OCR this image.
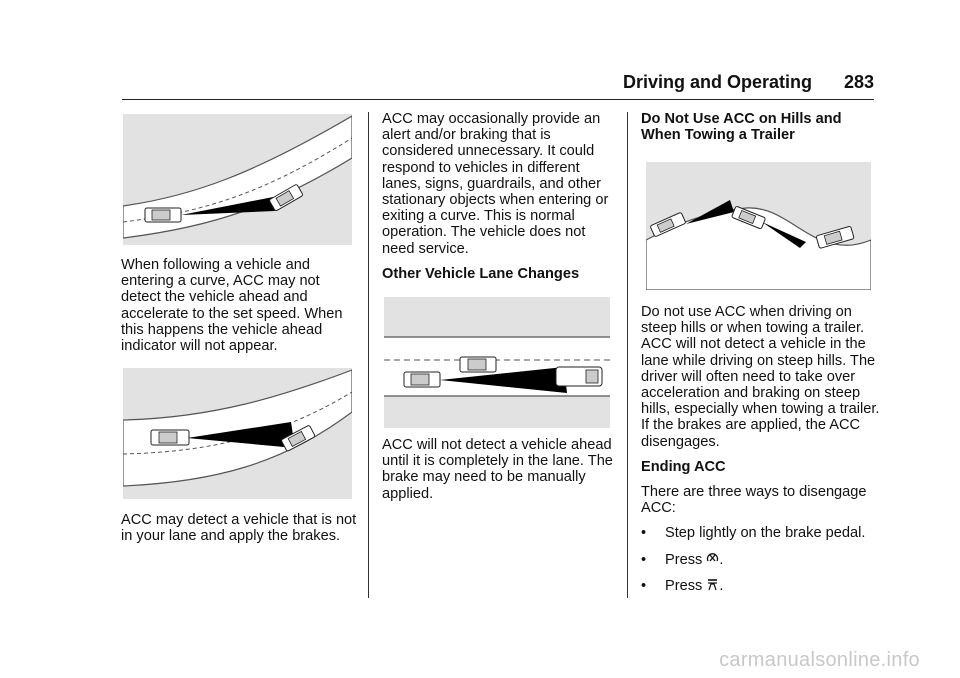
Driving and Operating 283

When following a vehicle and entering a curve, ACC may not detect the vehicle ahead and accelerate to the set speed. When this happens the vehicle ahead indicator will not appear.

ACC may detect a vehicle that is not in your lane and apply the brakes.

ACC may occasionally provide an alert and/or braking that is considered unnecessary. It could respond to vehicles in different lanes, signs, guardrails, and other stationary objects when entering or exiting a curve. This is normal operation. The vehicle does not need service.

Other Vehicle Lane Changes

ACC will not detect a vehicle ahead until it is completely in the lane. The brake may need to be manually applied.

Do Not Use ACC on Hills and When Towing a Trailer

Do not use ACC when driving on steep hills or when towing a trailer. ACC will not detect a vehicle in the lane while driving on steep hills. The driver will often need to take over acceleration and braking on steep hills, especially when towing a trailer. If the brakes are applied, the ACC disengages.

Ending ACC

There are three ways to disengage ACC:

•	Step lightly on the brake pedal.
•	Press .
•	Press .
carmanualsonline.info
